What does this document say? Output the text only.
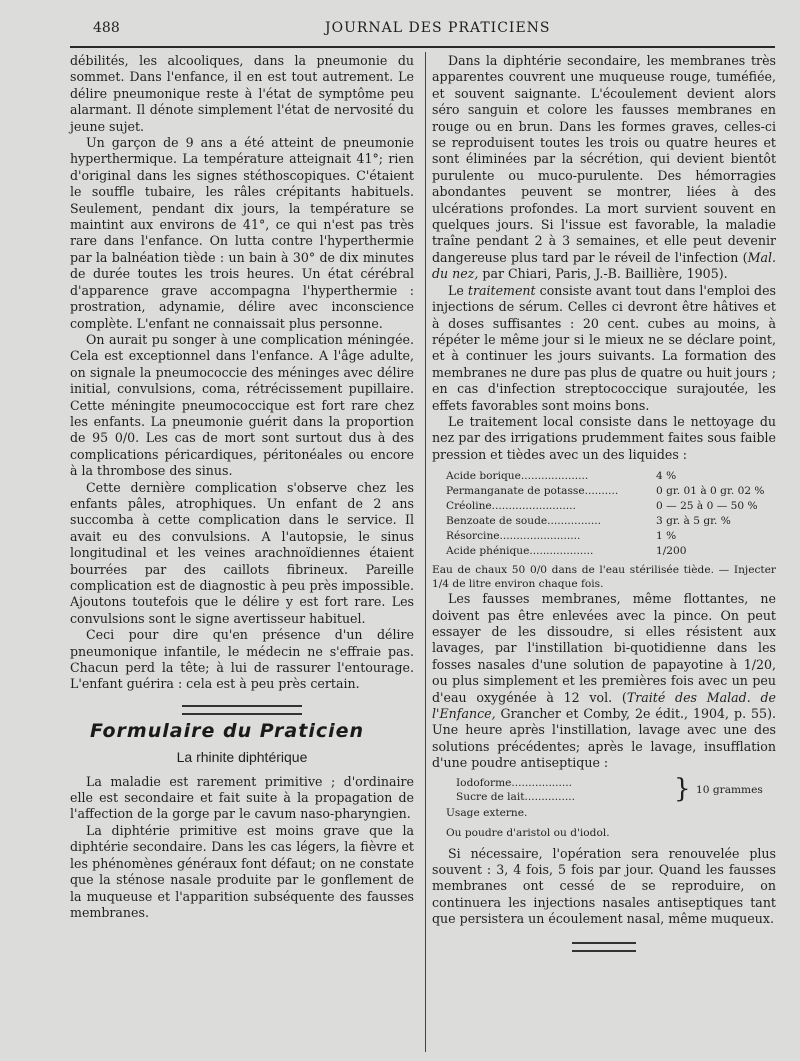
488	JOURNAL DES PRATICIENS

débilités, les alcooliques, dans la pneumonie du sommet. Dans l'enfance, il en est tout autrement. Le délire pneumonique reste à l'état de symptôme peu alarmant. Il dénote simplement l'état de nervosité du jeune sujet.

Un garçon de 9 ans a été atteint de pneumonie hyperthermique. La température atteignait 41°; rien d'original dans les signes stéthoscopiques. C'étaient le souffle tubaire, les râles crépitants habituels. Seulement, pendant dix jours, la température se maintint aux environs de 41°, ce qui n'est pas très rare dans l'enfance. On lutta contre l'hyperthermie par la balnéation tiède : un bain à 30° de dix minutes de durée toutes les trois heures. Un état cérébral d'apparence grave accompagna l'hyperthermie : prostration, adynamie, délire avec inconscience complète. L'enfant ne connaissait plus personne.

On aurait pu songer à une complication méningée. Cela est exceptionnel dans l'enfance. A l'âge adulte, on signale la pneumococcie des méninges avec délire initial, convulsions, coma, rétrécissement pupillaire. Cette méningite pneumococcique est fort rare chez les enfants. La pneumonie guérit dans la proportion de 95 0/0. Les cas de mort sont surtout dus à des complications péricardiques, péritonéales ou encore à la thrombose des sinus.

Cette dernière complication s'observe chez les enfants pâles, atrophiques. Un enfant de 2 ans succomba à cette complication dans le service. Il avait eu des convulsions. A l'autopsie, le sinus longitudinal et les veines arachnoïdiennes étaient bourrées par des caillots fibrineux. Pareille complication est de diagnostic à peu près impossible. Ajoutons toutefois que le délire y est fort rare. Les convulsions sont le signe avertisseur habituel.

Ceci pour dire qu'en présence d'un délire pneumonique infantile, le médecin ne s'effraie pas. Chacun perd la tête; à lui de rassurer l'entourage. L'enfant guérira : cela est à peu près certain.

Formulaire du Praticien
La rhinite diphtérique

La maladie est rarement primitive ; d'ordinaire elle est secondaire et fait suite à la propagation de l'affection de la gorge par le cavum naso-pharyngien.

La diphtérie primitive est moins grave que la diphtérie secondaire. Dans les cas légers, la fièvre et les phénomènes généraux font défaut; on ne constate que la sténose nasale produite par le gonflement de la muqueuse et l'apparition subséquente des fausses membranes.

Dans la diphtérie secondaire, les membranes très apparentes couvrent une muqueuse rouge, tuméfiée, et souvent saignante. L'écoulement devient alors séro sanguin et colore les fausses membranes en rouge ou en brun. Dans les formes graves, celles-ci se reproduisent toutes les trois ou quatre heures et sont éliminées par la sécrétion, qui devient bientôt purulente ou muco-purulente. Des hémorragies abondantes peuvent se montrer, liées à des ulcérations profondes. La mort survient souvent en quelques jours. Si l'issue est favorable, la maladie traîne pendant 2 à 3 semaines, et elle peut devenir dangereuse plus tard par le réveil de l'infection (Mal. du nez, par Chiari, Paris, J.-B. Baillière, 1905).

Le traitement consiste avant tout dans l'emploi des injections de sérum. Celles ci devront être hâtives et à doses suffisantes : 20 cent. cubes au moins, à répéter le même jour si le mieux ne se déclare point, et à continuer les jours suivants. La formation des membranes ne dure pas plus de quatre ou huit jours ; en cas d'infection streptococcique surajoutée, les effets favorables sont moins bons.

Le traitement local consiste dans le nettoyage du nez par des irrigations prudemment faites sous faible pression et tièdes avec un des liquides :

Acide borique....................	4 %
Permanganate de potasse..........	0 gr. 01 à 0 gr. 02 %
Créoline.........................	0 — 25 à 0 — 50 %
Benzoate de soude................	3 gr. à 5 gr. %
Résorcine........................	1 %
Acide phénique...................	1/200

Eau de chaux 50 0/0 dans de l'eau stérilisée tiède. — Injecter 1/4 de litre environ chaque fois.

Les fausses membranes, même flottantes, ne doivent pas être enlevées avec la pince. On peut essayer de les dissoudre, si elles résistent aux lavages, par l'instillation bi-quotidienne dans les fosses nasales d'une solution de papayotine à 1/20, ou plus simplement et les premières fois avec un peu d'eau oxygénée à 12 vol. (Traité des Malad. de l'Enfance, Grancher et Comby, 2e édit., 1904, p. 55). Une heure après l'instillation, lavage avec une des solutions précédentes; après le lavage, insufflation d'une poudre antiseptique :

Iodoforme..................
Sucre de lait...............	} 10 grammes
Usage externe.
Ou poudre d'aristol ou d'iodol.

Si nécessaire, l'opération sera renouvelée plus souvent : 3, 4 fois, 5 fois par jour. Quand les fausses membranes ont cessé de se reproduire, on continuera les injections nasales antiseptiques tant que persistera un écoulement nasal, même muqueux.
